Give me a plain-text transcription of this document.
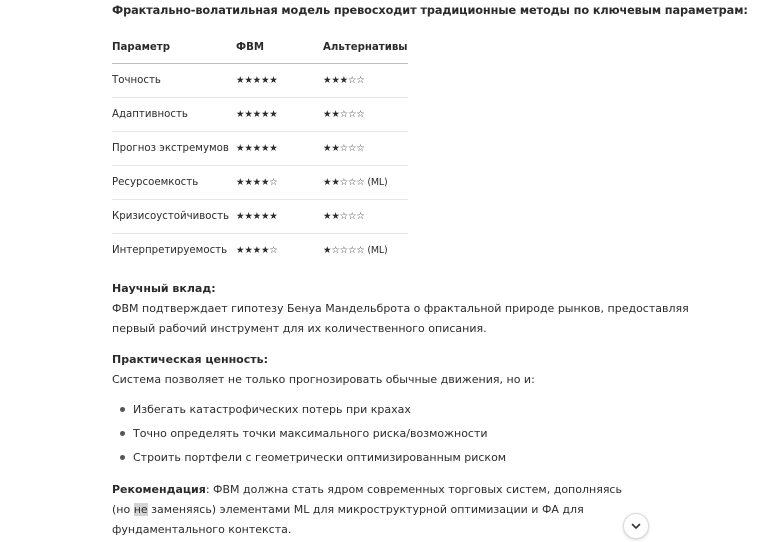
Фрактально-волатильная модель превосходит традиционные методы по ключевым параметрам:
Параметр	ФВМ	Альтернативы
Точность	★★★★★	★★★☆☆
Адаптивность	★★★★★	★★☆☆☆
Прогноз экстремумов	★★★★★	★★☆☆☆
Ресурсоемкость	★★★★☆	★★☆☆☆ (ML)
Кризисоустойчивость	★★★★★	★★☆☆☆
Интерпретируемость	★★★★☆	★☆☆☆☆ (ML)
Научный вклад:
ФВМ подтверждает гипотезу Бенуа Мандельброта о фрактальной природе рынков, предоставляя
первый рабочий инструмент для их количественного описания.
Практическая ценность:
Система позволяет не только прогнозировать обычные движения, но и:
Избегать катастрофических потерь при крахах
Точно определять точки максимального риска/возможности
Строить портфели с геометрически оптимизированным риском
Рекомендация: ФВМ должна стать ядром современных торговых систем, дополняясь (но не заменяясь) элементами ML для микроструктурной оптимизации и ФА для фундаментального контекста.
